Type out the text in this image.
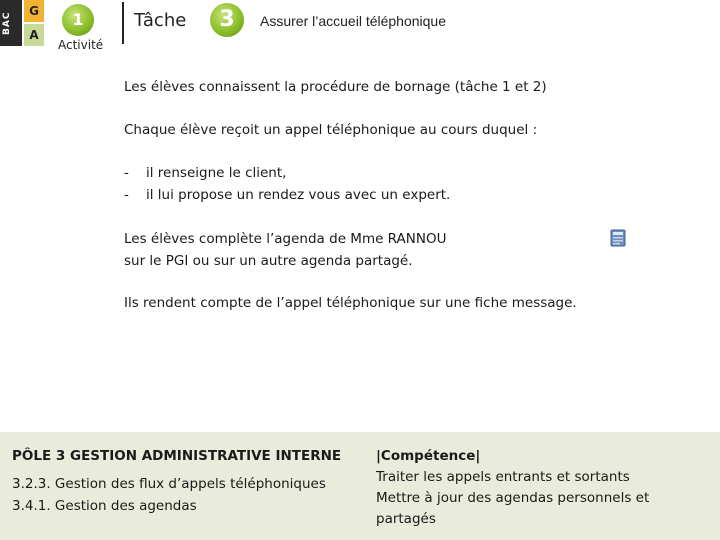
BAC
G
A
1
Activité
Tâche	3	Assurer l’accueil téléphonique
Les élèves connaissent la procédure de bornage (tâche 1 et 2)
Chaque élève reçoit un appel téléphonique au cours duquel :
-	il renseigne le client,
-	il lui propose un rendez vous avec un expert.
Les élèves complète l’agenda de Mme RANNOU
sur le PGI ou sur un autre agenda partagé.
Ils rendent compte de l’appel téléphonique sur une fiche message.
PÔLE 3 GESTION ADMINISTRATIVE INTERNE
3.2.3. Gestion des flux d’appels téléphoniques
3.4.1. Gestion des agendas
|Compétence|
Traiter les appels entrants et sortants
Mettre à jour des agendas personnels et partagés
